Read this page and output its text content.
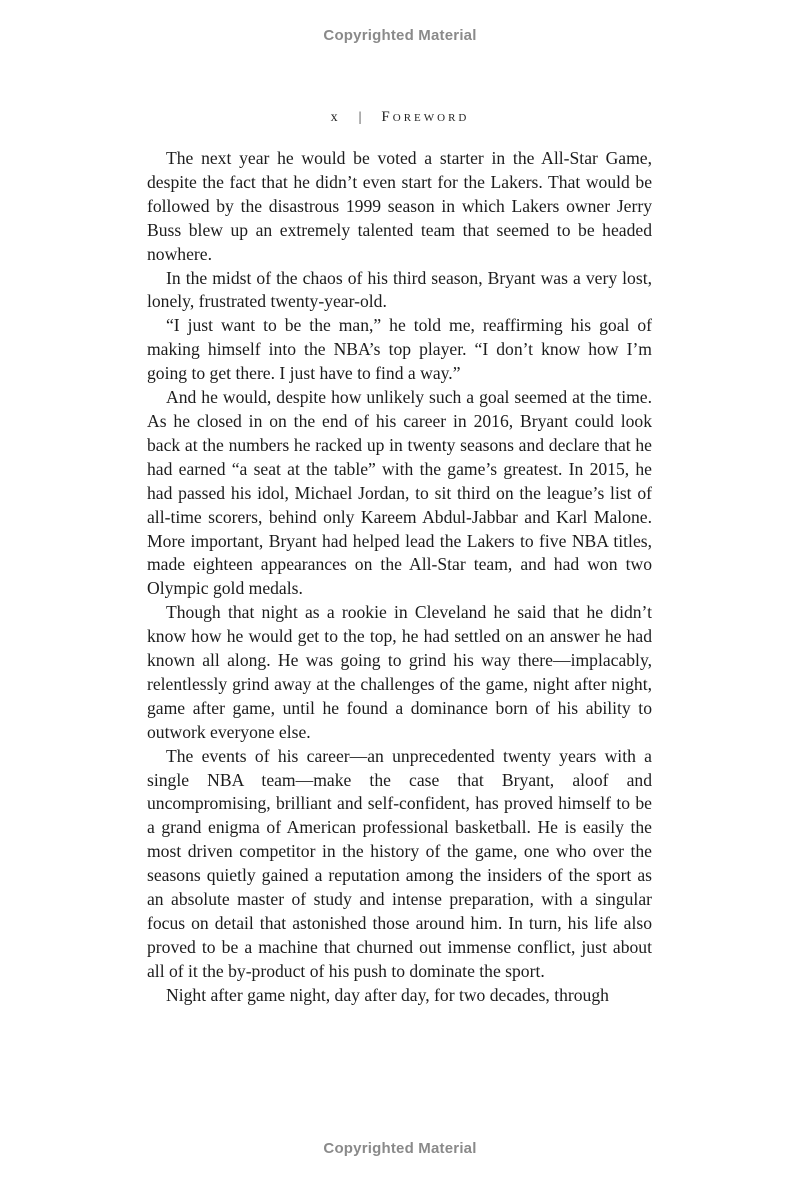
Copyrighted Material
x | Foreword

The next year he would be voted a starter in the All-Star Game, despite the fact that he didn’t even start for the Lakers. That would be followed by the disastrous 1999 season in which Lakers owner Jerry Buss blew up an extremely talented team that seemed to be headed nowhere.

In the midst of the chaos of his third season, Bryant was a very lost, lonely, frustrated twenty-year-old.

“I just want to be the man,” he told me, reaffirming his goal of making himself into the NBA’s top player. “I don’t know how I’m going to get there. I just have to find a way.”

And he would, despite how unlikely such a goal seemed at the time. As he closed in on the end of his career in 2016, Bryant could look back at the numbers he racked up in twenty seasons and declare that he had earned “a seat at the table” with the game’s greatest. In 2015, he had passed his idol, Michael Jordan, to sit third on the league’s list of all-time scorers, behind only Kareem Abdul-Jabbar and Karl Malone. More important, Bryant had helped lead the Lakers to five NBA titles, made eighteen appearances on the All-Star team, and had won two Olympic gold medals.

Though that night as a rookie in Cleveland he said that he didn’t know how he would get to the top, he had settled on an answer he had known all along. He was going to grind his way there—implacably, relentlessly grind away at the challenges of the game, night after night, game after game, until he found a dominance born of his ability to outwork everyone else.

The events of his career—an unprecedented twenty years with a single NBA team—make the case that Bryant, aloof and uncompromising, brilliant and self-confident, has proved himself to be a grand enigma of American professional basketball. He is easily the most driven competitor in the history of the game, one who over the seasons quietly gained a reputation among the insiders of the sport as an absolute master of study and intense preparation, with a singular focus on detail that astonished those around him. In turn, his life also proved to be a machine that churned out immense conflict, just about all of it the by-product of his push to dominate the sport.

Night after game night, day after day, for two decades, through

Copyrighted Material
